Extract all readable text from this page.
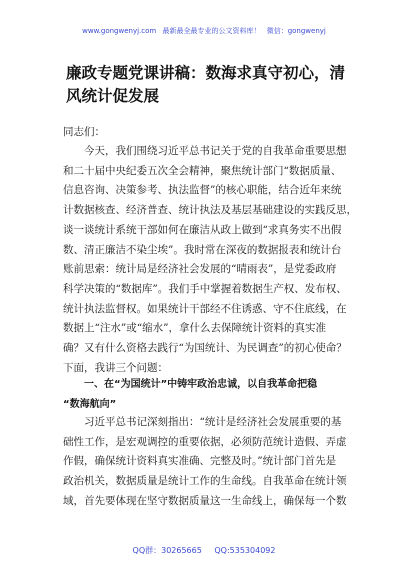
www.gongwenyj.com 最新最全最专业的公文资料库！ 微信：gongwenyj
廉政专题党课讲稿：数海求真守初心，清
风统计促发展
同志们：
今天，我们围绕习近平总书记关于党的自我革命重要思想
和二十届中央纪委五次全会精神，聚焦统计部门“数据质量、
信息咨询、决策参考、执法监督”的核心职能，结合近年来统
计数据核查、经济普查、统计执法及基层基础建设的实践反思，
谈一谈统计系统干部如何在廉洁从政上做到“求真务实不出假
数、清正廉洁不染尘埃”。我时常在深夜的数据报表和统计台
账前思索：统计局是经济社会发展的“晴雨表”，是党委政府
科学决策的“数据库”。我们手中掌握着数据生产权、发布权、
统计执法监督权。如果统计干部经不住诱惑、守不住底线，在
数据上“注水”或“缩水”，拿什么去保障统计资料的真实准
确？又有什么资格去践行“为国统计、为民调查”的初心使命？
下面，我讲三个问题：
一、在“为国统计”中铸牢政治忠诚，以自我革命把稳
“数海航向”
习近平总书记深刻指出：“统计是经济社会发展重要的基
础性工作，是宏观调控的重要依据，必须防范统计造假、弄虚
作假，确保统计资料真实准确、完整及时。”统计部门首先是
政治机关，数据质量是统计工作的生命线。自我革命在统计领
域，首先要体现在坚守数据质量这一生命线上，确保每一个数
QQ群：30265665 QQ:535304092
